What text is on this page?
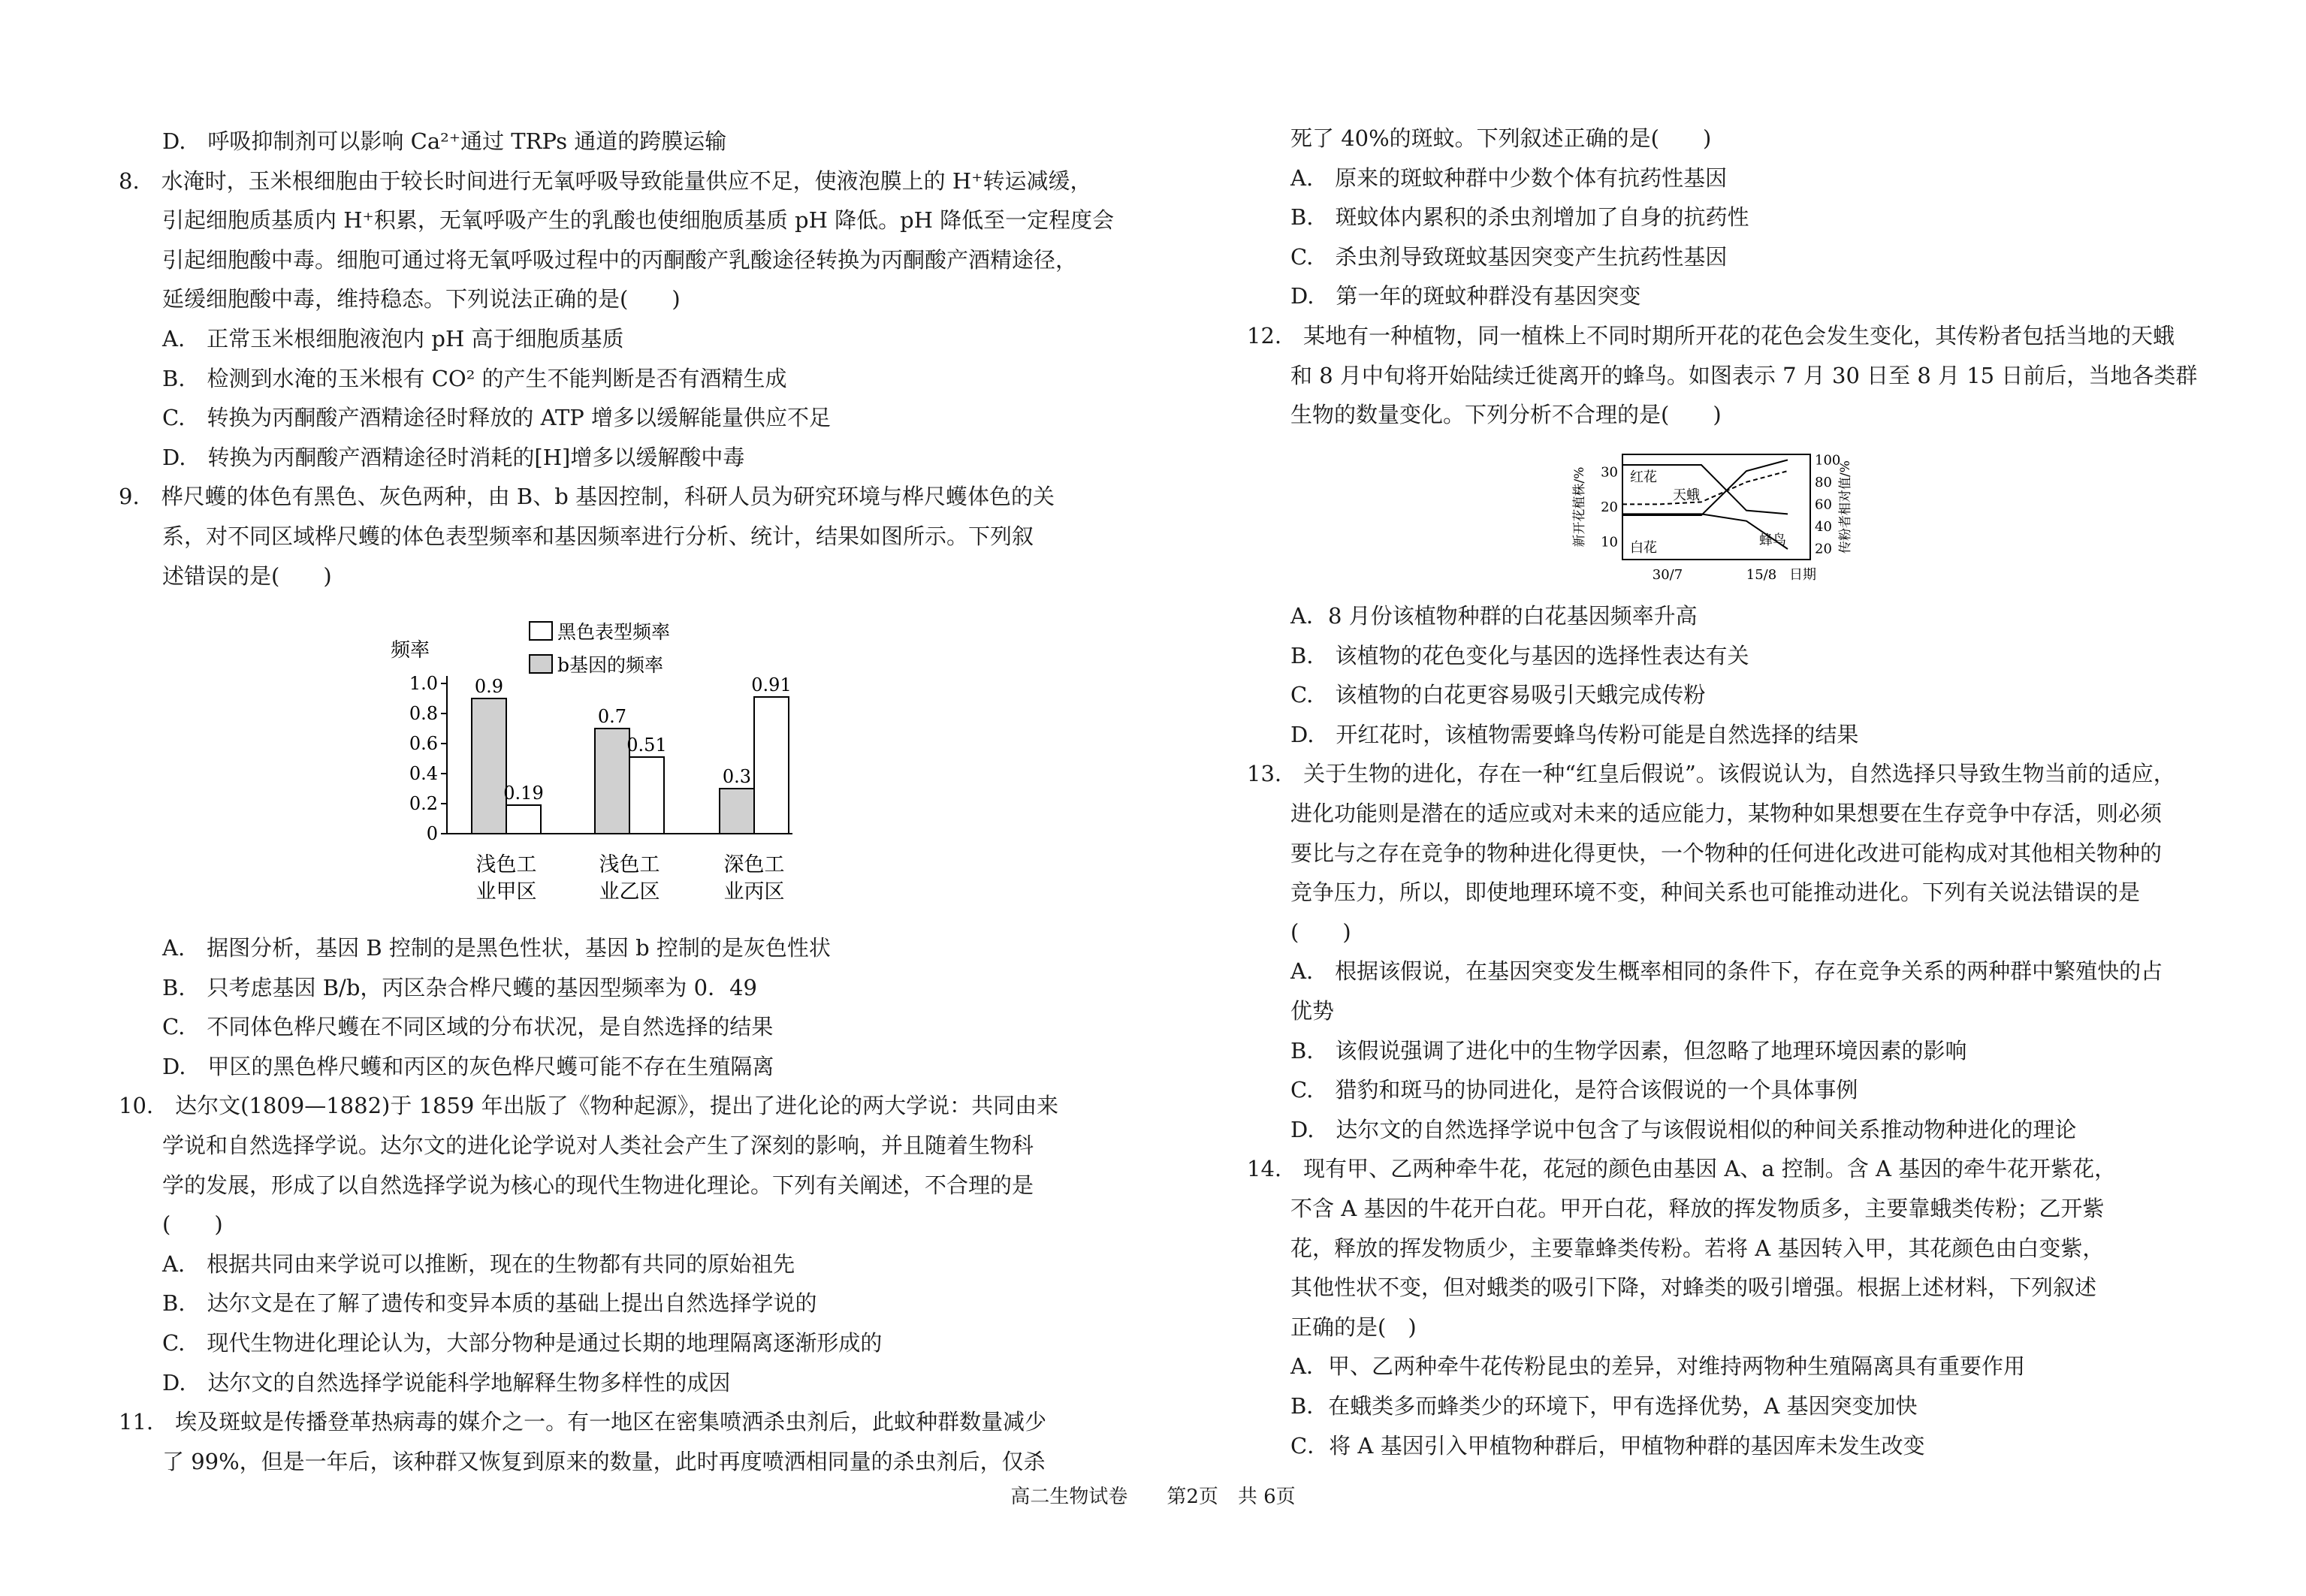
D.　呼吸抑制剂可以影响 Ca²⁺通过 TRPs 通道的跨膜运输
8.　水淹时，玉米根细胞由于较长时间进行无氧呼吸导致能量供应不足，使液泡膜上的 H⁺转运减缓，
引起细胞质基质内 H⁺积累，无氧呼吸产生的乳酸也使细胞质基质 pH 降低。pH 降低至一定程度会
引起细胞酸中毒。细胞可通过将无氧呼吸过程中的丙酮酸产乳酸途径转换为丙酮酸产酒精途径，
延缓细胞酸中毒，维持稳态。下列说法正确的是(　　)
A.　正常玉米根细胞液泡内 pH 高于细胞质基质
B.　检测到水淹的玉米根有 CO² 的产生不能判断是否有酒精生成
C.　转换为丙酮酸产酒精途径时释放的 ATP 增多以缓解能量供应不足
D.　转换为丙酮酸产酒精途径时消耗的[H]增多以缓解酸中毒
9.　桦尺蠖的体色有黑色、灰色两种，由 B、b 基因控制，科研人员为研究环境与桦尺蠖体色的关
系，对不同区域桦尺蠖的体色表型频率和基因频率进行分析、统计，结果如图所示。下列叙
述错误的是(　　)
A.　据图分析，基因 B 控制的是黑色性状，基因 b 控制的是灰色性状
B.　只考虑基因 B/b，丙区杂合桦尺蠖的基因型频率为 0．49
C.　不同体色桦尺蠖在不同区域的分布状况，是自然选择的结果
D.　甲区的黑色桦尺蠖和丙区的灰色桦尺蠖可能不存在生殖隔离
10.　达尔文(1809—1882)于 1859 年出版了《物种起源》，提出了进化论的两大学说：共同由来
学说和自然选择学说。达尔文的进化论学说对人类社会产生了深刻的影响，并且随着生物科
学的发展，形成了以自然选择学说为核心的现代生物进化理论。下列有关阐述，不合理的是
(　　)
A.　根据共同由来学说可以推断，现在的生物都有共同的原始祖先
B.　达尔文是在了解了遗传和变异本质的基础上提出自然选择学说的
C.　现代生物进化理论认为，大部分物种是通过长期的地理隔离逐渐形成的
D.　达尔文的自然选择学说能科学地解释生物多样性的成因
11.　埃及斑蚊是传播登革热病毒的媒介之一。有一地区在密集喷洒杀虫剂后，此蚊种群数量减少
了 99%，但是一年后，该种群又恢复到原来的数量，此时再度喷洒相同量的杀虫剂后，仅杀
死了 40%的斑蚊。下列叙述正确的是(　　)
A.　原来的斑蚊种群中少数个体有抗药性基因
B.　斑蚊体内累积的杀虫剂增加了自身的抗药性
C.　杀虫剂导致斑蚊基因突变产生抗药性基因
D.　第一年的斑蚊种群没有基因突变
12.　某地有一种植物，同一植株上不同时期所开花的花色会发生变化，其传粉者包括当地的天蛾
和 8 月中旬将开始陆续迁徙离开的蜂鸟。如图表示 7 月 30 日至 8 月 15 日前后，当地各类群
生物的数量变化。下列分析不合理的是(　　)
A．8 月份该植物种群的白花基因频率升高
B.　该植物的花色变化与基因的选择性表达有关
C.　该植物的白花更容易吸引天蛾完成传粉
D.　开红花时，该植物需要蜂鸟传粉可能是自然选择的结果
13.　关于生物的进化，存在一种“红皇后假说”。该假说认为，自然选择只导致生物当前的适应，
进化功能则是潜在的适应或对未来的适应能力，某物种如果想要在生存竞争中存活，则必须
要比与之存在竞争的物种进化得更快，一个物种的任何进化改进可能构成对其他相关物种的
竞争压力，所以，即使地理环境不变，种间关系也可能推动进化。下列有关说法错误的是
(　　)
A.　根据该假说，在基因突变发生概率相同的条件下，存在竞争关系的两种群中繁殖快的占
优势
B.　该假说强调了进化中的生物学因素，但忽略了地理环境因素的影响
C.　猎豹和斑马的协同进化，是符合该假说的一个具体事例
D.　达尔文的自然选择学说中包含了与该假说相似的种间关系推动物种进化的理论
14.　现有甲、乙两种牵牛花，花冠的颜色由基因 A、a 控制。含 A 基因的牵牛花开紫花，
不含 A 基因的牛花开白花。甲开白花，释放的挥发物质多，主要靠蛾类传粉；乙开紫
花，释放的挥发物质少，主要靠蜂类传粉。若将 A 基因转入甲，其花颜色由白变紫，
其他性状不变，但对蛾类的吸引下降，对蜂类的吸引增强。根据上述材料，下列叙述
正确的是(　)
A．甲、乙两种牵牛花传粉昆虫的差异，对维持两物种生殖隔离具有重要作用
B．在蛾类多而蜂类少的环境下，甲有选择优势，A 基因突变加快
C．将 A 基因引入甲植物种群后，甲植物种群的基因库未发生改变
频率
0
0.2
0.4
0.6
0.8
1.0 0.9
0.19
浅色工
业甲区
0.7
0.51
浅色工
业乙区
0.3
0.91
深色工
业丙区
黑色表型频率
b基因的频率
新开花植株/%	传粉者相对值/%
10
20
30
20
40
60
80
100
红花
天蛾
白花	蜂鸟
30/7	15/8 日期
高二生物试卷　　第2页　共 6页
